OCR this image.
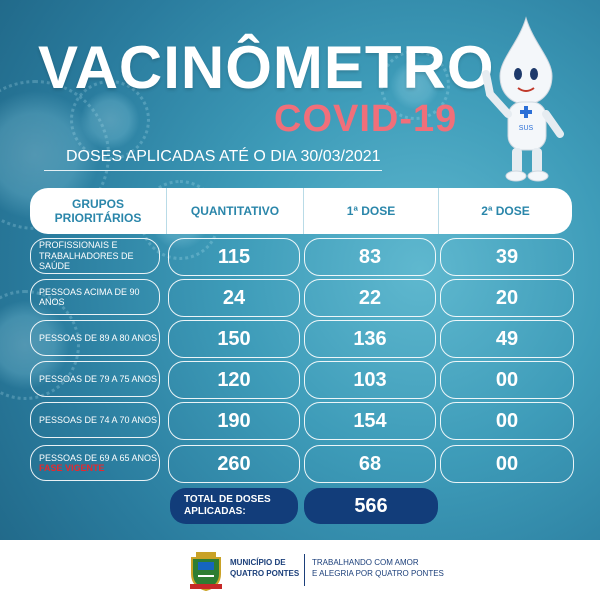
VACINÔMETRO
COVID-19
DOSES APLICADAS ATÉ O DIA 30/03/2021
SUS
GRUPOS PRIORITÁRIOS	QUANTITATIVO	1ª DOSE	2ª DOSE
PROFISSIONAIS E
TRABALHADORES DE SAÚDE	115	83	39
PESSOAS ACIMA DE 90 ANOS	24	22	20
PESSOAS DE 89 A 80 ANOS	150	136	49
PESSOAS DE 79 A 75 ANOS	120	103	00
PESSOAS DE 74 A 70 ANOS	190	154	00
PESSOAS DE 69 A 65 ANOS
FASE VIGENTE	260	68	00
TOTAL DE DOSES
APLICADAS:	566
MUNICÍPIO DE
QUATRO PONTES
TRABALHANDO COM AMOR
E ALEGRIA POR QUATRO PONTES
